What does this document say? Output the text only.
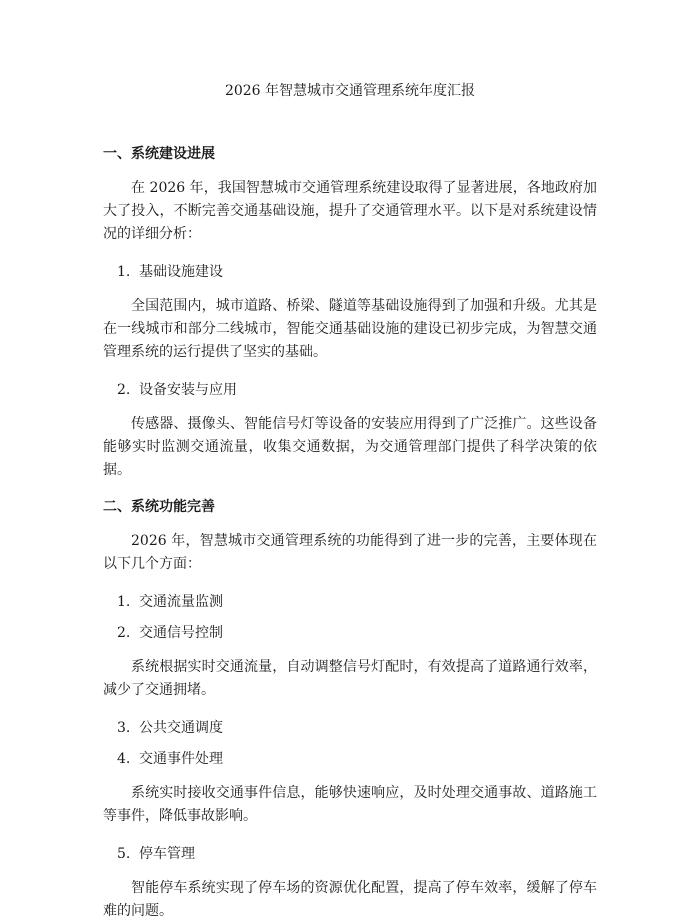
2026 年智慧城市交通管理系统年度汇报
一、系统建设进展

在 2026 年，我国智慧城市交通管理系统建设取得了显著进展，各地政府加大了投入，不断完善交通基础设施，提升了交通管理水平。以下是对系统建设情况的详细分析：

1. 基础设施建设

全国范围内，城市道路、桥梁、隧道等基础设施得到了加强和升级。尤其是在一线城市和部分二线城市，智能交通基础设施的建设已初步完成，为智慧交通管理系统的运行提供了坚实的基础。

2. 设备安装与应用

传感器、摄像头、智能信号灯等设备的安装应用得到了广泛推广。这些设备能够实时监测交通流量，收集交通数据，为交通管理部门提供了科学决策的依据。

二、系统功能完善

2026 年，智慧城市交通管理系统的功能得到了进一步的完善，主要体现在以下几个方面：

1. 交通流量监测

2. 交通信号控制

系统根据实时交通流量，自动调整信号灯配时，有效提高了道路通行效率，减少了交通拥堵。

3. 公共交通调度

4. 交通事件处理

系统实时接收交通事件信息，能够快速响应，及时处理交通事故、道路施工等事件，降低事故影响。

5. 停车管理

智能停车系统实现了停车场的资源优化配置，提高了停车效率，缓解了停车难的问题。
